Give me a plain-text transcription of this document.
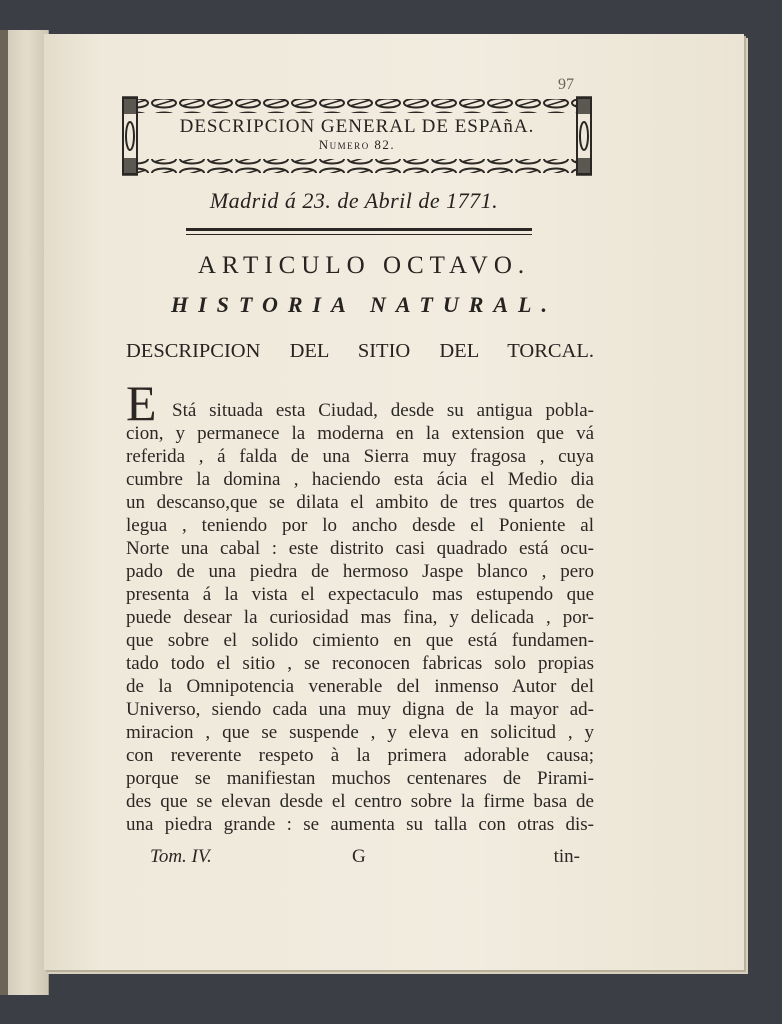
97
DESCRIPCION GENERAL DE ESPAñA.
Numero 82.
Madrid á 23. de Abril de 1771.
ARTICULO OCTAVO.
HISTORIA NATURAL.
DESCRIPCION DEL SITIO DEL TORCAL.
E Stá situada esta Ciudad, desde su antigua pobla-
cion, y permanece la moderna en la extension que vá
referida , á falda de una Sierra muy fragosa , cuya
cumbre la domina , haciendo esta ácia el Medio dia
un descanso,que se dilata el ambito de tres quartos de
legua , teniendo por lo ancho desde el Poniente al
Norte una cabal : este distrito casi quadrado está ocu-
pado de una piedra de hermoso Jaspe blanco , pero
presenta á la vista el expectaculo mas estupendo que
puede desear la curiosidad mas fina, y delicada , por-
que sobre el solido cimiento en que está fundamen-
tado todo el sitio , se reconocen fabricas solo propias
de la Omnipotencia venerable del inmenso Autor del
Universo, siendo cada una muy digna de la mayor ad-
miracion , que se suspende , y eleva en solicitud , y
con reverente respeto à la primera adorable causa;
porque se manifiestan muchos centenares de Pirami-
des que se elevan desde el centro sobre la firme basa de
una piedra grande : se aumenta su talla con otras dis-
Tom. IV.	G	tin-
